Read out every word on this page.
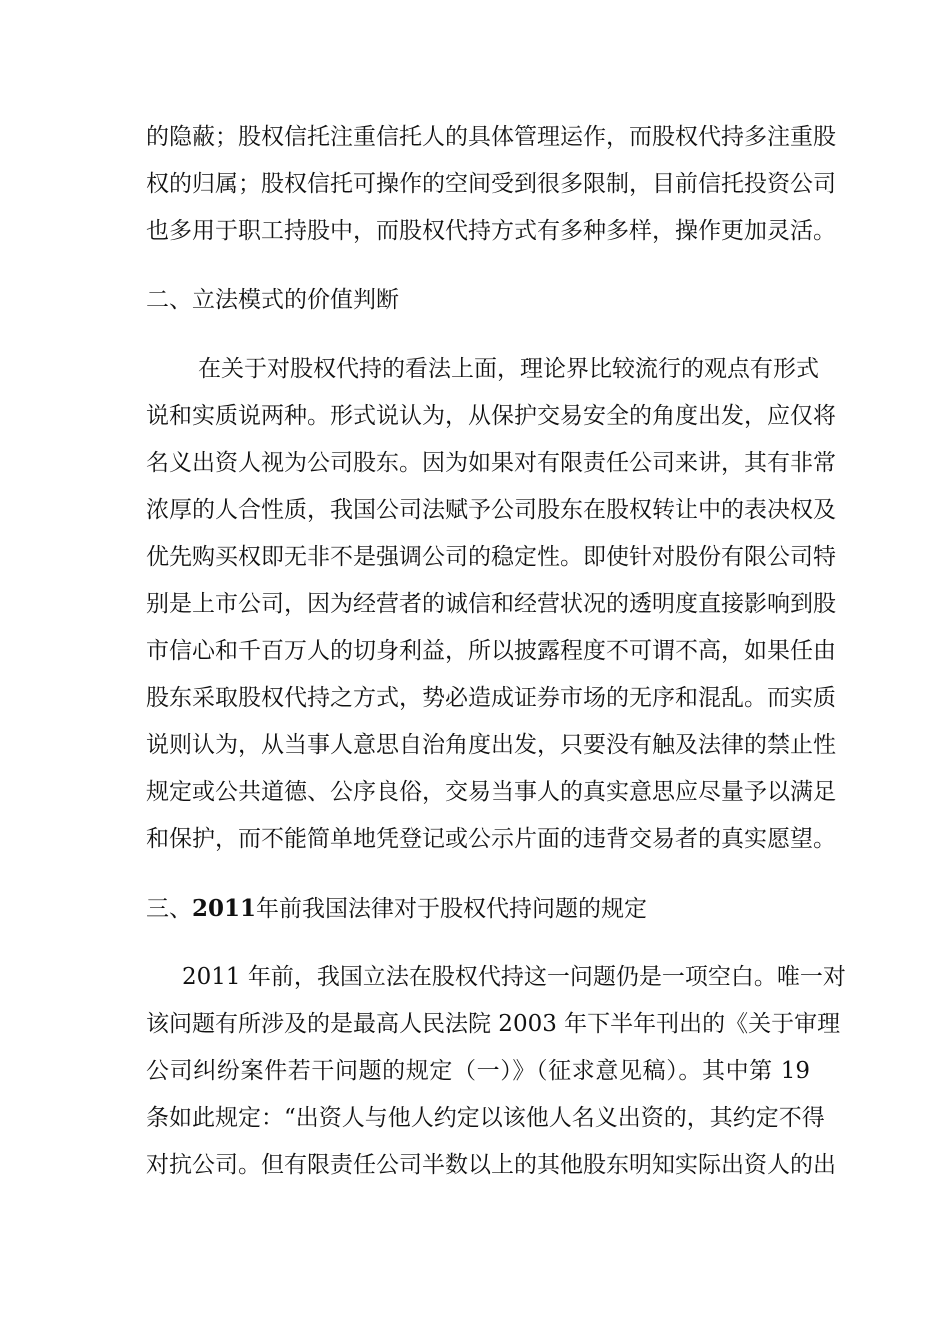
的隐蔽；股权信托注重信托人的具体管理运作，而股权代持多注重股
权的归属；股权信托可操作的空间受到很多限制，目前信托投资公司
也多用于职工持股中，而股权代持方式有多种多样，操作更加灵活。
二、立法模式的价值判断
在关于对股权代持的看法上面，理论界比较流行的观点有形式
说和实质说两种。形式说认为，从保护交易安全的角度出发，应仅将
名义出资人视为公司股东。因为如果对有限责任公司来讲，其有非常
浓厚的人合性质，我国公司法赋予公司股东在股权转让中的表决权及
优先购买权即无非不是强调公司的稳定性。即使针对股份有限公司特
别是上市公司，因为经营者的诚信和经营状况的透明度直接影响到股
市信心和千百万人的切身利益，所以披露程度不可谓不高，如果任由
股东采取股权代持之方式，势必造成证券市场的无序和混乱。而实质
说则认为，从当事人意思自治角度出发，只要没有触及法律的禁止性
规定或公共道德、公序良俗，交易当事人的真实意思应尽量予以满足
和保护，而不能简单地凭登记或公示片面的违背交易者的真实愿望。
三、2011年前我国法律对于股权代持问题的规定
2011 年前，我国立法在股权代持这一问题仍是一项空白。唯一对
该问题有所涉及的是最高人民法院 2003 年下半年刊出的《关于审理
公司纠纷案件若干问题的规定（一）》（征求意见稿）。其中第 19
条如此规定：“出资人与他人约定以该他人名义出资的，其约定不得
对抗公司。但有限责任公司半数以上的其他股东明知实际出资人的出
